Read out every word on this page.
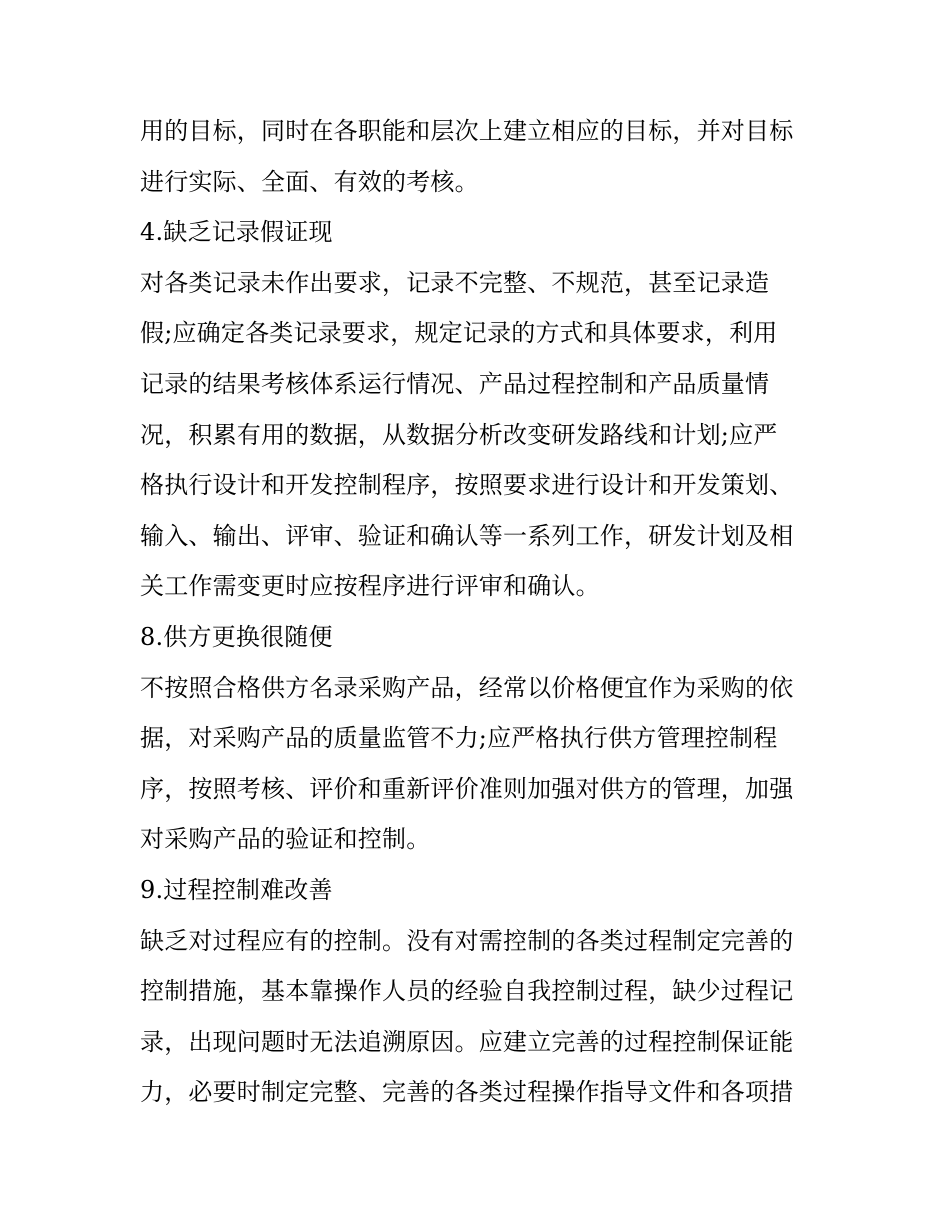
用的目标，同时在各职能和层次上建立相应的目标，并对目标
进行实际、全面、有效的考核。
4.缺乏记录假证现
对各类记录未作出要求，记录不完整、不规范，甚至记录造
假;应确定各类记录要求，规定记录的方式和具体要求，利用
记录的结果考核体系运行情况、产品过程控制和产品质量情
况，积累有用的数据，从数据分析改变研发路线和计划;应严
格执行设计和开发控制程序，按照要求进行设计和开发策划、
输入、输出、评审、验证和确认等一系列工作，研发计划及相
关工作需变更时应按程序进行评审和确认。
8.供方更换很随便
不按照合格供方名录采购产品，经常以价格便宜作为采购的依
据，对采购产品的质量监管不力;应严格执行供方管理控制程
序，按照考核、评价和重新评价准则加强对供方的管理，加强
对采购产品的验证和控制。
9.过程控制难改善
缺乏对过程应有的控制。没有对需控制的各类过程制定完善的
控制措施，基本靠操作人员的经验自我控制过程，缺少过程记
录，出现问题时无法追溯原因。应建立完善的过程控制保证能
力，必要时制定完整、完善的各类过程操作指导文件和各项措
